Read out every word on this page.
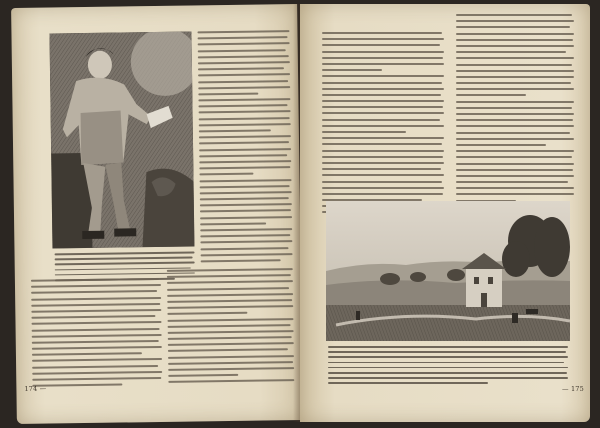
174 —	— 175
